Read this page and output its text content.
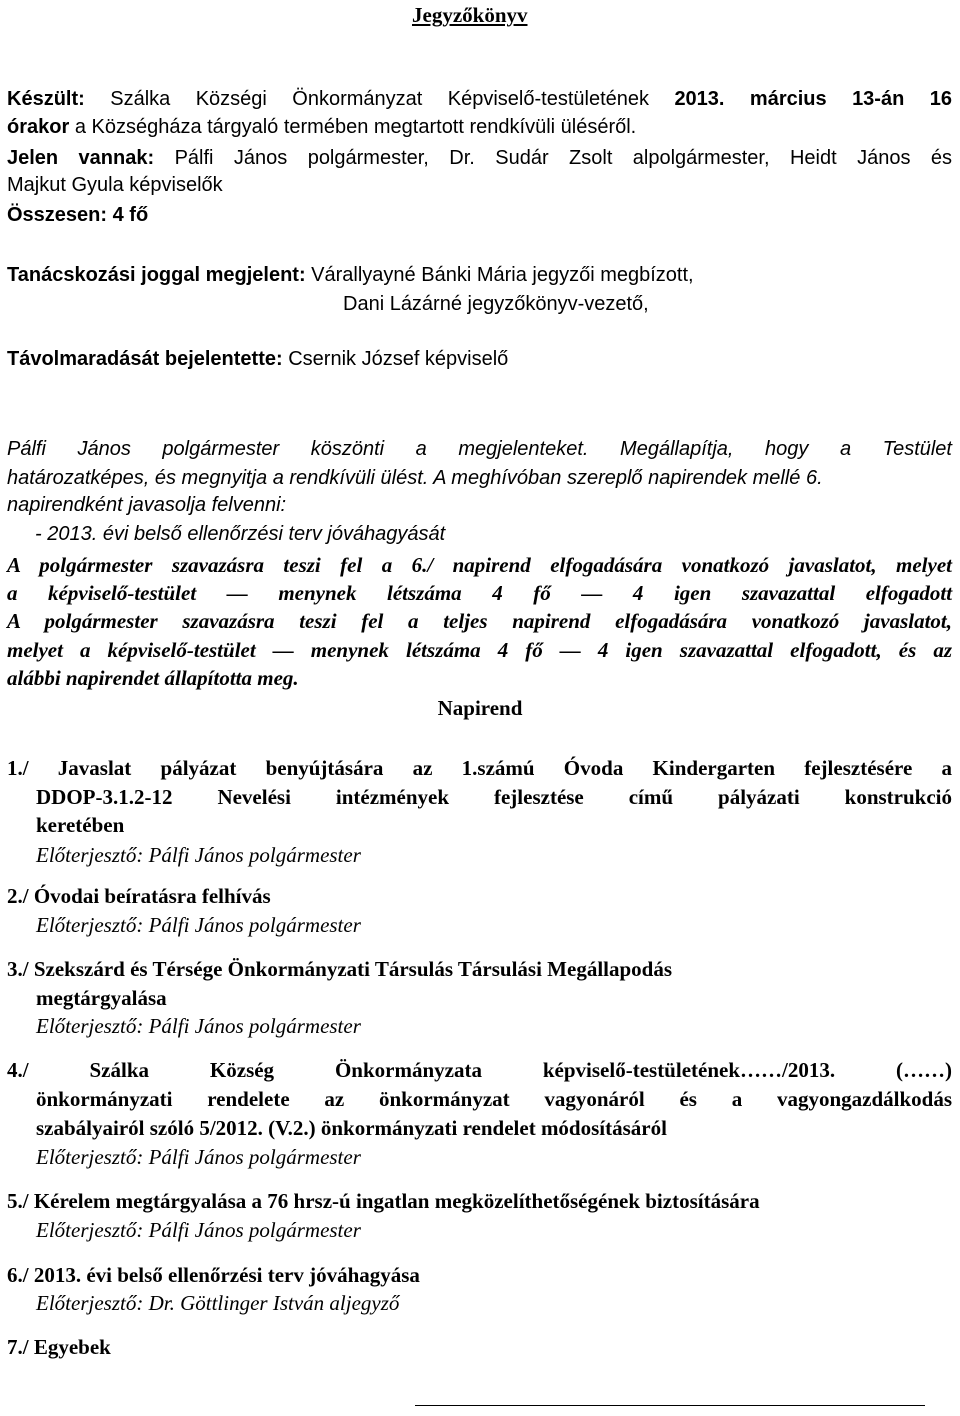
Jegyzőkönyv
Készült: Szálka Községi Önkormányzat Képviselő-testületének 2013. március 13-án 16
órakor a Községháza tárgyaló termében megtartott rendkívüli üléséről.
Jelen vannak: Pálfi János polgármester, Dr. Sudár Zsolt alpolgármester, Heidt János és
Majkut Gyula képviselők
Összesen: 4 fő
Tanácskozási joggal megjelent: Várallyayné Bánki Mária jegyzői megbízott,
Dani Lázárné jegyzőkönyv-vezető,
Távolmaradását bejelentette: Csernik József képviselő
Pálfi János polgármester köszönti a megjelenteket. Megállapítja, hogy a Testület
határozatképes, és megnyitja a rendkívüli ülést. A meghívóban szereplő napirendek mellé 6.
napirendként javasolja felvenni:
- 2013. évi belső ellenőrzési terv jóváhagyását
A polgármester szavazásra teszi fel a 6./ napirend elfogadására vonatkozó javaslatot, melyet
a képviselő-testület — menynek létszáma 4 fő — 4 igen szavazattal elfogadott
A polgármester szavazásra teszi fel a teljes napirend elfogadására vonatkozó javaslatot,
melyet a képviselő-testület — menynek létszáma 4 fő — 4 igen szavazattal elfogadott, és az
alábbi napirendet állapította meg.
Napirend
1./ Javaslat pályázat benyújtására az 1.számú Óvoda Kindergarten fejlesztésére a
DDOP-3.1.2-12 Nevelési intézmények fejlesztése című pályázati konstrukció
keretében
Előterjesztő: Pálfi János polgármester
2./ Óvodai beíratásra felhívás
Előterjesztő: Pálfi János polgármester
3./ Szekszárd és Térsége Önkormányzati Társulás Társulási Megállapodás
megtárgyalása
Előterjesztő: Pálfi János polgármester
4./ Szálka Község Önkormányzata képviselő-testületének……/2013. (……)
önkormányzati rendelete az önkormányzat vagyonáról és a vagyongazdálkodás
szabályairól szóló 5/2012. (V.2.) önkormányzati rendelet módosításáról
Előterjesztő: Pálfi János polgármester
5./ Kérelem megtárgyalása a 76 hrsz-ú ingatlan megközelíthetőségének biztosítására
Előterjesztő: Pálfi János polgármester
6./ 2013. évi belső ellenőrzési terv jóváhagyása
Előterjesztő: Dr. Göttlinger István aljegyző
7./ Egyebek
